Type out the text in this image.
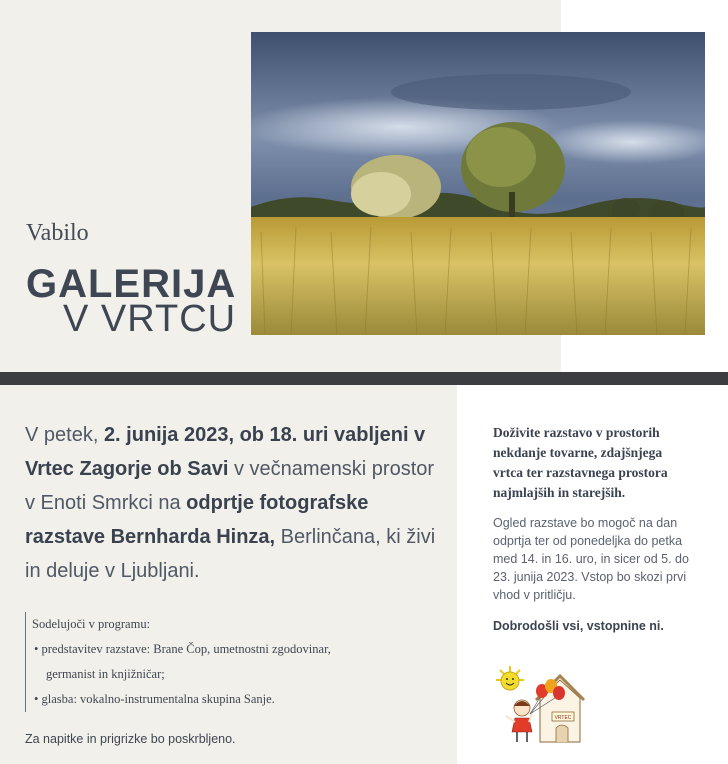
Vabilo
GALERIJA
V VRTCU
V petek, 2. junija 2023, ob 18. uri vabljeni v Vrtec Zagorje ob Savi v večnamenski prostor v Enoti Smrkci na odprtje fotografske razstave Bernharda Hinza, Berlinčana, ki živi in deluje v Ljubljani.
Sodelujoči v programu:
• predstavitev razstave: Brane Čop, umetnostni zgodovinar,
germanist in knjižničar;
• glasba: vokalno-instrumentalna skupina Sanje.
Za napitke in prigrizke bo poskrbljeno.
Doživite razstavo v prostorih nekdanje tovarne, zdajšnjega vrtca ter razstavnega prostora najmlajših in starejših.
Ogled razstave bo mogoč na dan odprtja ter od ponedeljka do petka med 14. in 16. uro, in sicer od 5. do 23. junija 2023. Vstop bo skozi prvi vhod v pritličju.
Dobrodošli vsi, vstopnine ni.
VRTEC
